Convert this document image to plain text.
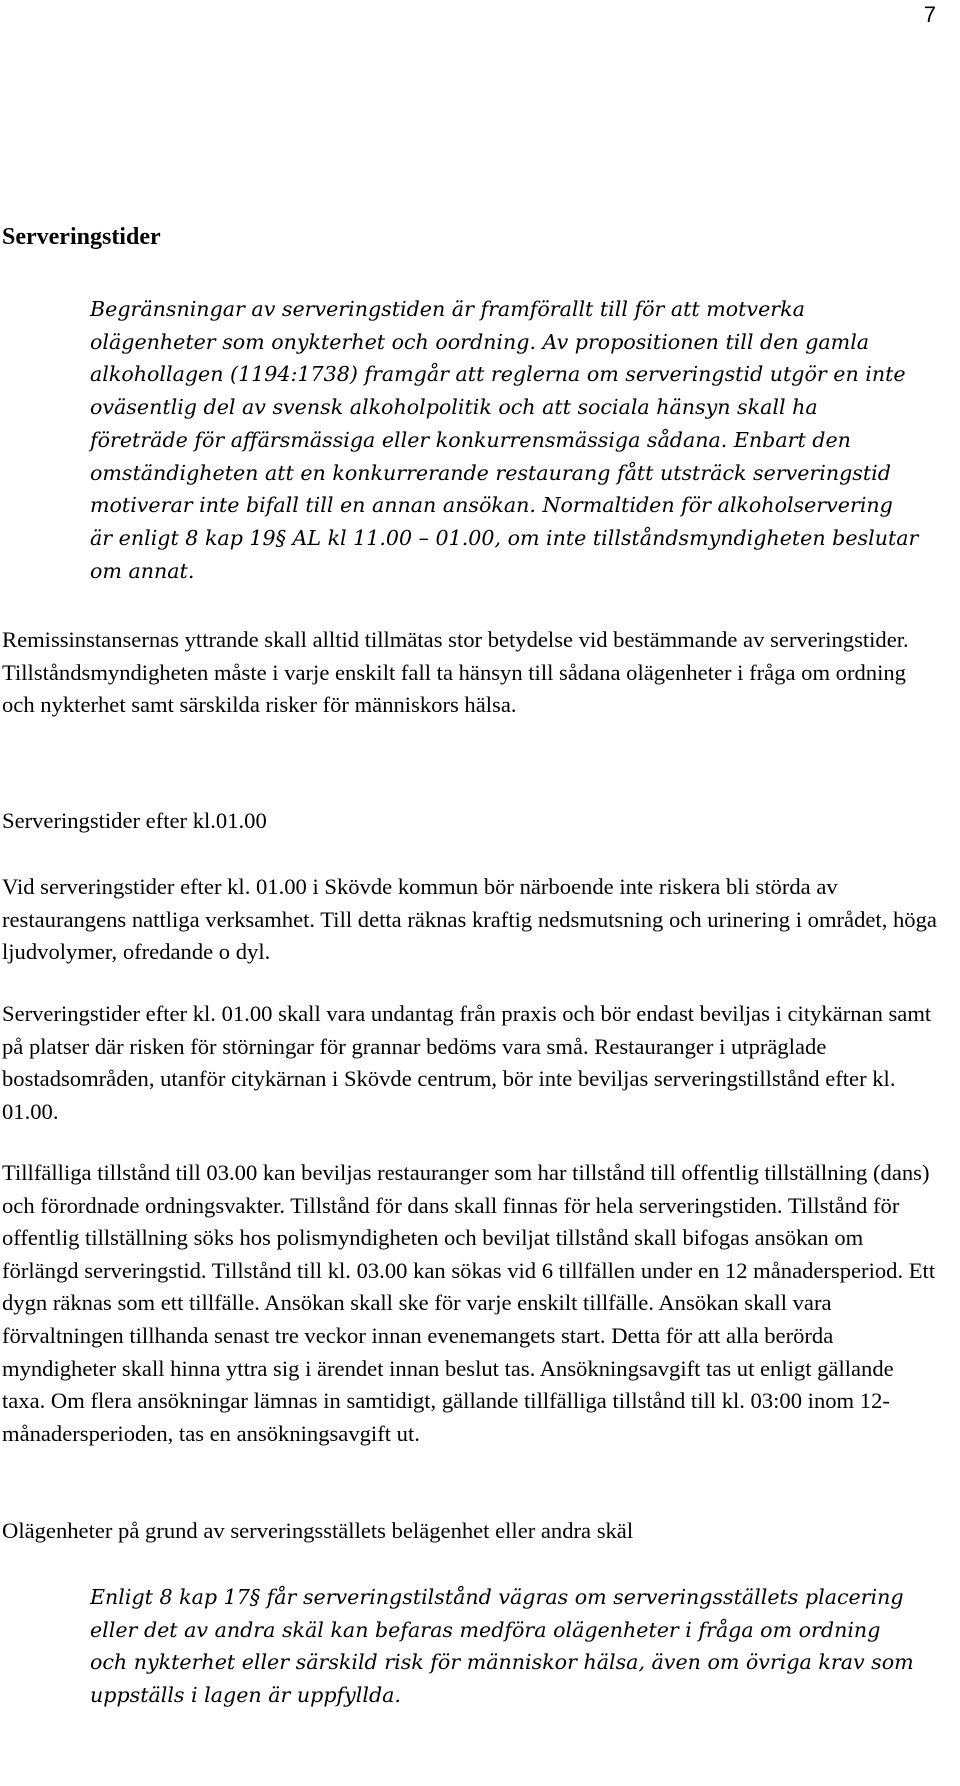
7
Serveringstider

Begränsningar av serveringstiden är framförallt till för att motverka olägenheter som onykterhet och oordning. Av propositionen till den gamla alkohollagen (1194:1738) framgår att reglerna om serveringstid utgör en inte oväsentlig del av svensk alkoholpolitik och att sociala hänsyn skall ha företräde för affärsmässiga eller konkurrensmässiga sådana. Enbart den omständigheten att en konkurrerande restaurang fått utsträck serveringstid motiverar inte bifall till en annan ansökan. Normaltiden för alkoholservering är enligt 8 kap 19§ AL kl 11.00 – 01.00, om inte tillståndsmyndigheten beslutar om annat.

Remissinstansernas yttrande skall alltid tillmätas stor betydelse vid bestämmande av serveringstider. Tillståndsmyndigheten måste i varje enskilt fall ta hänsyn till sådana olägenheter i fråga om ordning och nykterhet samt särskilda risker för människors hälsa.

Serveringstider efter kl.01.00

Vid serveringstider efter kl. 01.00 i Skövde kommun bör närboende inte riskera bli störda av restaurangens nattliga verksamhet. Till detta räknas kraftig nedsmutsning och urinering i området, höga ljudvolymer, ofredande o dyl.

Serveringstider efter kl. 01.00 skall vara undantag från praxis och bör endast beviljas i citykärnan samt på platser där risken för störningar för grannar bedöms vara små. Restauranger i utpräglade bostadsområden, utanför citykärnan i Skövde centrum, bör inte beviljas serveringstillstånd efter kl. 01.00.

Tillfälliga tillstånd till 03.00 kan beviljas restauranger som har tillstånd till offentlig tillställning (dans) och förordnade ordningsvakter. Tillstånd för dans skall finnas för hela serveringstiden. Tillstånd för offentlig tillställning söks hos polismyndigheten och beviljat tillstånd skall bifogas ansökan om förlängd serveringstid. Tillstånd till kl. 03.00 kan sökas vid 6 tillfällen under en 12 månadersperiod. Ett dygn räknas som ett tillfälle. Ansökan skall ske för varje enskilt tillfälle. Ansökan skall vara förvaltningen tillhanda senast tre veckor innan evenemangets start. Detta för att alla berörda myndigheter skall hinna yttra sig i ärendet innan beslut tas. Ansökningsavgift tas ut enligt gällande taxa. Om flera ansökningar lämnas in samtidigt, gällande tillfälliga tillstånd till kl. 03:00 inom 12-månadersperioden, tas en ansökningsavgift ut.

Olägenheter på grund av serveringsställets belägenhet eller andra skäl

Enligt 8 kap 17§ får serveringstilstånd vägras om serveringsställets placering eller det av andra skäl kan befaras medföra olägenheter i fråga om ordning och nykterhet eller särskild risk för människor hälsa, även om övriga krav som uppställs i lagen är uppfyllda.
